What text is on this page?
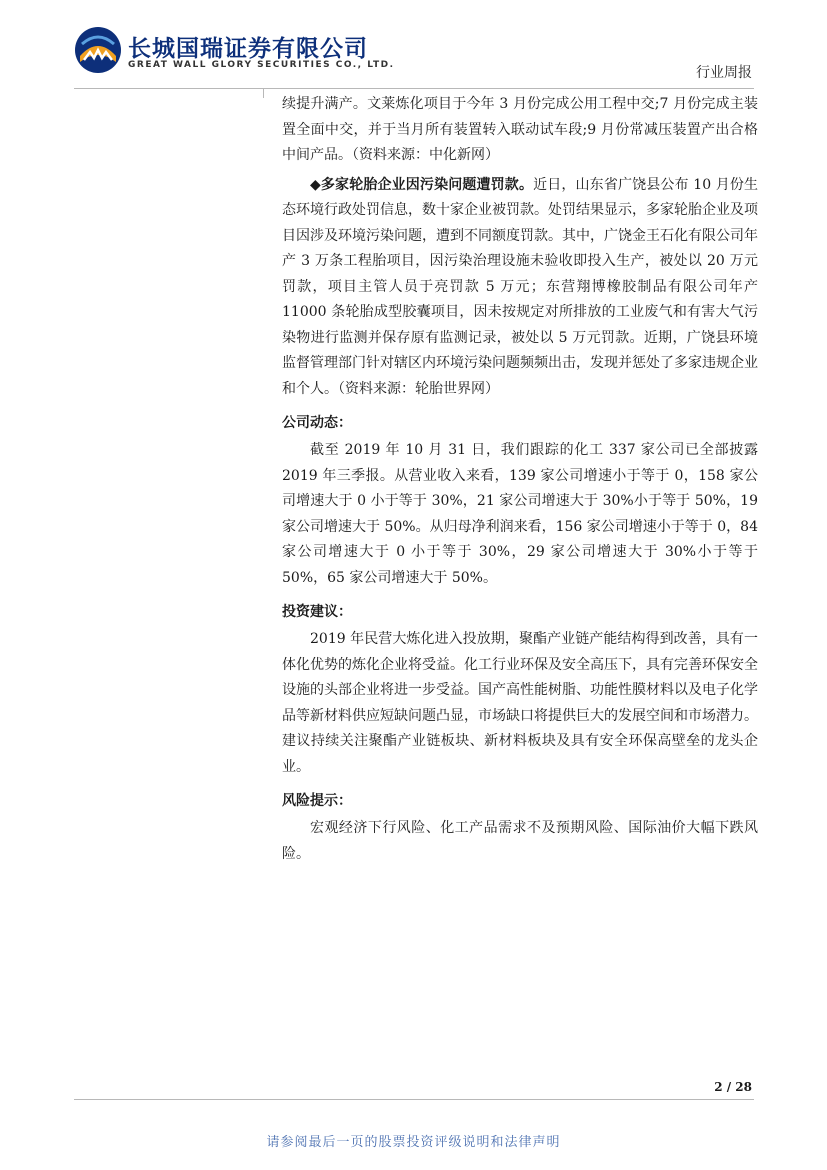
长城国瑞证券有限公司
GREAT WALL GLORY SECURITIES CO., LTD.	行业周报

续提升满产。文莱炼化项目于今年 3 月份完成公用工程中交;7 月份完成主装置全面中交，并于当月所有装置转入联动试车段;9 月份常减压装置产出合格中间产品。（资料来源：中化新网）

◆多家轮胎企业因污染问题遭罚款。近日，山东省广饶县公布 10 月份生态环境行政处罚信息，数十家企业被罚款。处罚结果显示，多家轮胎企业及项目因涉及环境污染问题，遭到不同额度罚款。其中，广饶金王石化有限公司年产 3 万条工程胎项目，因污染治理设施未验收即投入生产，被处以 20 万元罚款，项目主管人员于亮罚款 5 万元；东营翔博橡胶制品有限公司年产 11000 条轮胎成型胶囊项目，因未按规定对所排放的工业废气和有害大气污染物进行监测并保存原有监测记录，被处以 5 万元罚款。近期，广饶县环境监督管理部门针对辖区内环境污染问题频频出击，发现并惩处了多家违规企业和个人。（资料来源：轮胎世界网）

公司动态：

截至 2019 年 10 月 31 日，我们跟踪的化工 337 家公司已全部披露 2019 年三季报。从营业收入来看，139 家公司增速小于等于 0，158 家公司增速大于 0 小于等于 30%，21 家公司增速大于 30%小于等于 50%，19 家公司增速大于 50%。从归母净利润来看，156 家公司增速小于等于 0，84 家公司增速大于 0 小于等于 30%，29 家公司增速大于 30%小于等于 50%，65 家公司增速大于 50%。

投资建议：

2019 年民营大炼化进入投放期，聚酯产业链产能结构得到改善，具有一体化优势的炼化企业将受益。化工行业环保及安全高压下，具有完善环保安全设施的头部企业将进一步受益。国产高性能树脂、功能性膜材料以及电子化学品等新材料供应短缺问题凸显，市场缺口将提供巨大的发展空间和市场潜力。建议持续关注聚酯产业链板块、新材料板块及具有安全环保高壁垒的龙头企业。

风险提示：

宏观经济下行风险、化工产品需求不及预期风险、国际油价大幅下跌风险。

2 / 28
请参阅最后一页的股票投资评级说明和法律声明
